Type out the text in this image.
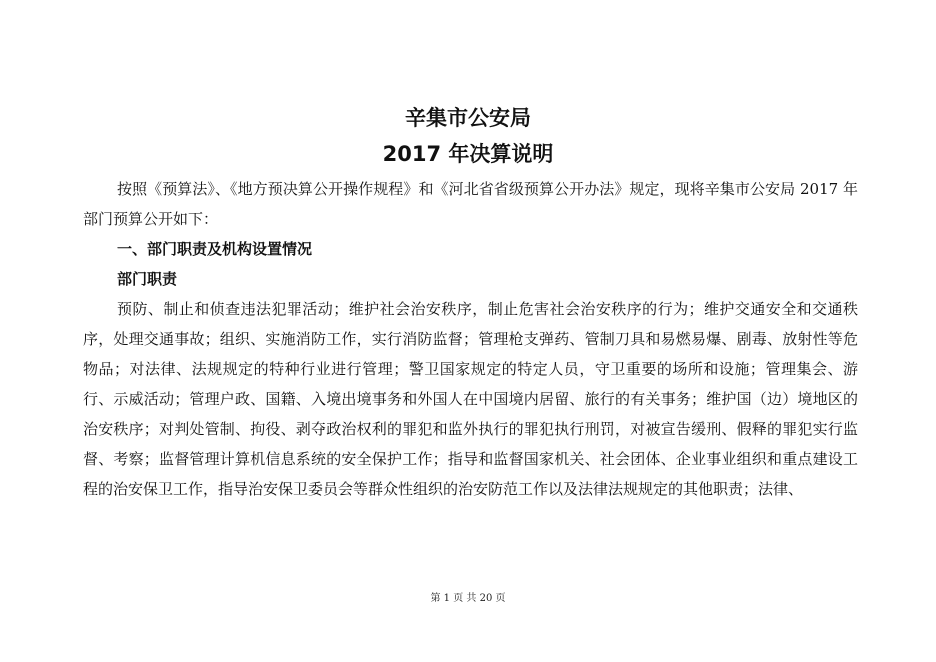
辛集市公安局
2017 年决算说明
按照《预算法》、《地方预决算公开操作规程》和《河北省省级预算公开办法》规定，现将辛集市公安局 2017 年部门预算公开如下：
一、部门职责及机构设置情况
部门职责
预防、制止和侦查违法犯罪活动；维护社会治安秩序，制止危害社会治安秩序的行为；维护交通安全和交通秩序，处理交通事故；组织、实施消防工作，实行消防监督；管理枪支弹药、管制刀具和易燃易爆、剧毒、放射性等危物品；对法律、法规规定的特种行业进行管理；警卫国家规定的特定人员，守卫重要的场所和设施；管理集会、游行、示威活动；管理户政、国籍、入境出境事务和外国人在中国境内居留、旅行的有关事务；维护国（边）境地区的治安秩序；对判处管制、拘役、剥夺政治权利的罪犯和监外执行的罪犯执行刑罚，对被宣告缓刑、假释的罪犯实行监督、考察；监督管理计算机信息系统的安全保护工作；指导和监督国家机关、社会团体、企业事业组织和重点建设工程的治安保卫工作，指导治安保卫委员会等群众性组织的治安防范工作以及法律法规规定的其他职责；法律、
第 1 页 共 20 页
